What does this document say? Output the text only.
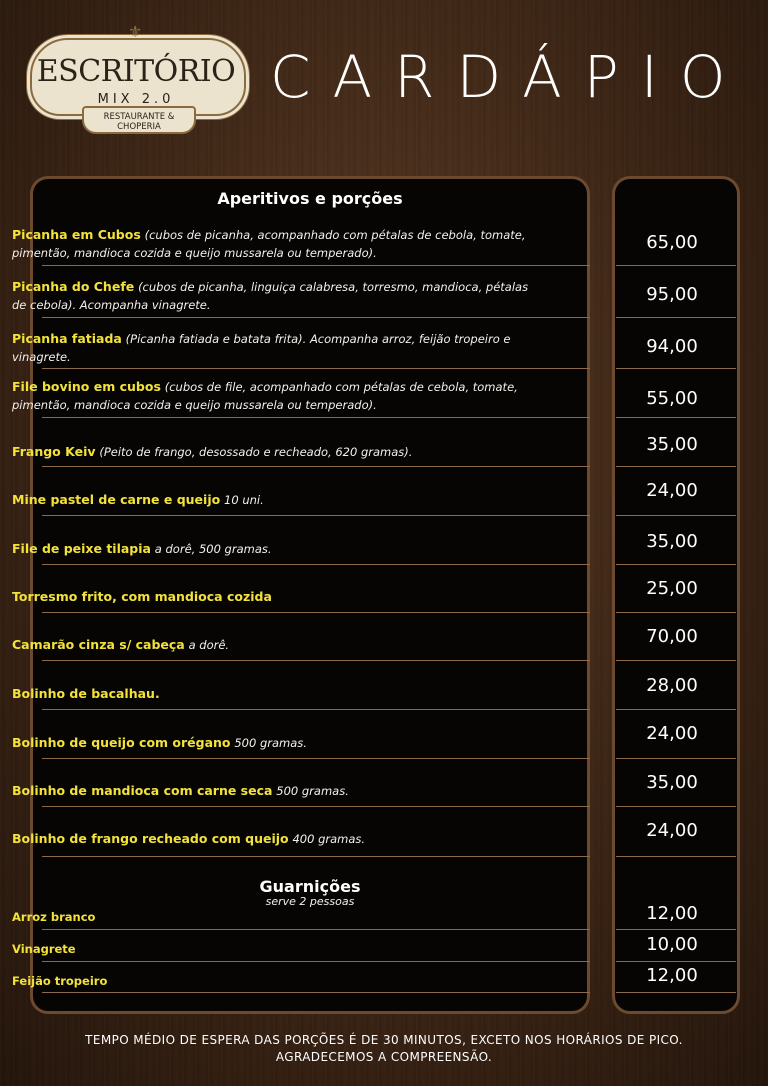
⚜
ESCRITÓRIO
MIX 2.0
RESTAURANTE & CHOPERIA
CARDÁPIO
Aperitivos e porções
Picanha em Cubos (cubos de picanha, acompanhado com pétalas de cebola, tomate, pimentão, mandioca cozida e queijo mussarela ou temperado).	65,00
Picanha do Chefe (cubos de picanha, linguiça calabresa, torresmo, mandioca, pétalas de cebola). Acompanha vinagrete.	95,00
Picanha fatiada (Picanha fatiada e batata frita). Acompanha arroz, feijão tropeiro e vinagrete.	94,00
File bovino em cubos (cubos de file, acompanhado com pétalas de cebola, tomate, pimentão, mandioca cozida e queijo mussarela ou temperado).	55,00
Frango Keiv (Peito de frango, desossado e recheado, 620 gramas).	35,00
Mine pastel de carne e queijo 10 uni.	24,00
File de peixe tilapia a dorê, 500 gramas.	35,00
Torresmo frito, com mandioca cozida	25,00
Camarão cinza s/ cabeça a dorê.	70,00
Bolinho de bacalhau.	28,00
Bolinho de queijo com orégano 500 gramas.	24,00
Bolinho de mandioca com carne seca 500 gramas.	35,00
Bolinho de frango recheado com queijo 400 gramas.	24,00
Guarnições
serve 2 pessoas
Arroz branco	12,00
Vinagrete	10,00
Feijão tropeiro	12,00
TEMPO MÉDIO DE ESPERA DAS PORÇÕES É DE 30 MINUTOS, EXCETO NOS HORÁRIOS DE PICO.
AGRADECEMOS A COMPREENSÃO.
